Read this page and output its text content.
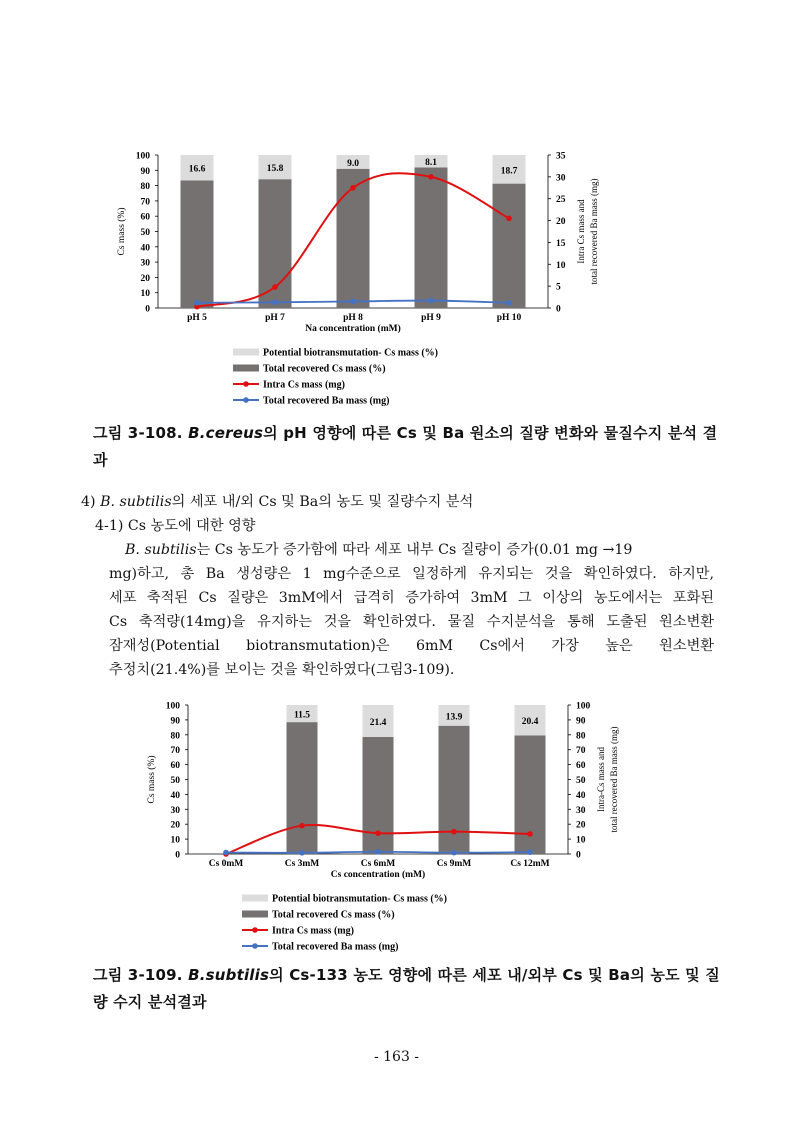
0
10
20
30
40
50
60
70
80
90
100
0
5
10
15
20
25
30
35
16.6
pH 5
15.8
pH 7
9.0
pH 8
8.1
pH 9
18.7
pH 10
Na concentration (mM)
Cs mass (%)	Intra Cs mass and total recovered Ba mass (mg)
Potential biotransmutation- Cs mass (%)
Total recovered Cs mass (%)
Intra Cs mass (mg)
Total recovered Ba mass (mg)
그림 3-108. B.cereus의 pH 영향에 따른 Cs 및 Ba 원소의 질량 변화와 물질수지 분석 결과
4) B. subtilis의 세포 내/외 Cs 및 Ba의 농도 및 질량수지 분석
4-1) Cs 농도에 대한 영향
B. subtilis는 Cs 농도가 증가함에 따라 세포 내부 Cs 질량이 증가(0.01 mg →19
mg)하고, 총 Ba 생성량은 1 mg수준으로 일정하게 유지되는 것을 확인하였다. 하지만,
세포 축적된 Cs 질량은 3mM에서 급격히 증가하여 3mM 그 이상의 농도에서는 포화된
Cs 축적량(14mg)을 유지하는 것을 확인하였다. 물질 수지분석을 통해 도출된 원소변환
잠재성(Potential biotransmutation)은 6mM Cs에서 가장 높은 원소변환
추정치(21.4%)를 보이는 것을 확인하였다(그림3-109).
0
10
20
30
40
50
60
70
80
90
100
0
10
20
30
40
50
60
70
80
90
100
Cs 0mM
11.5
Cs 3mM
21.4
Cs 6mM
13.9
Cs 9mM
20.4
Cs 12mM
Cs concentration (mM)
Cs mass (%)	Intra-Cs mass and total recovered Ba mass (mg)
Potential biotransmutation- Cs mass (%)
Total recovered Cs mass (%)
Intra Cs mass (mg)
Total recovered Ba mass (mg)
그림 3-109. B.subtilis의 Cs-133 농도 영향에 따른 세포 내/외부 Cs 및 Ba의 농도 및 질량 수지 분석결과
- 163 -
